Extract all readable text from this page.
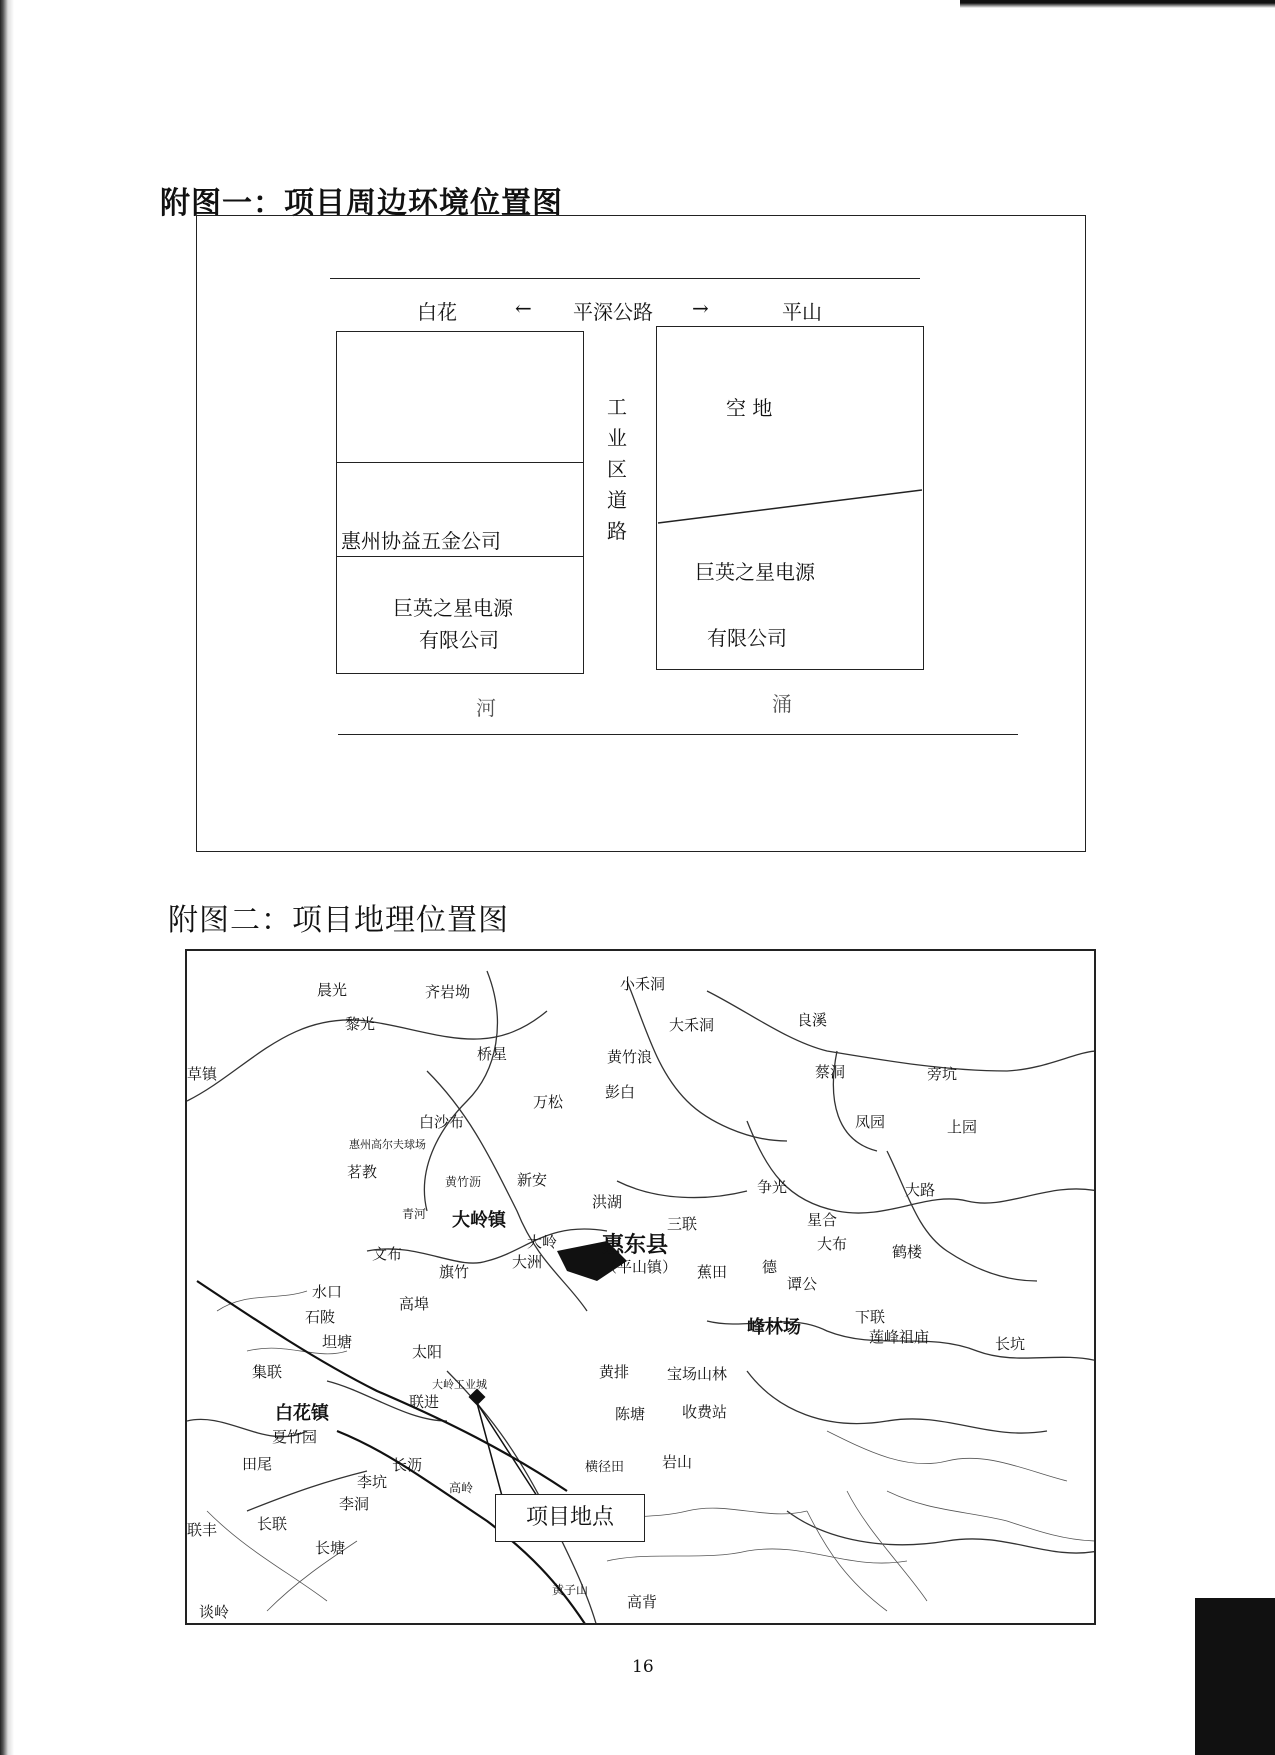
附图一：项目周边环境位置图
白花	← 平深公路 →	平山
惠州协益五金公司
巨英之星电源
有限公司
工业区道路
空 地
巨英之星电源
有限公司
河	涌
附图二：项目地理位置图
晨光	齐岩坳
黎光
小禾洞
大禾洞	良溪
草镇
桥星	黄竹浪
蔡洞	旁坑
万松
彭白
白沙布	凤园	上园
惠州高尔夫球场
茗教
黄竹沥 新安
洪湖
争光	大路
大岭镇	三联	星合
大布
青河
文布
大岭
鹤楼
大洲
旗竹	蕉田 德
谭公
水口
石陂
高埠
峰林场	下联
莲峰祖庙	长坑
坦塘
太阳
大岭工业城
黄排	宝场山林
集联
白花镇
联进
陈塘 收费站
夏竹园
田尾	长沥	横径田	岩山
李坑	高岭
李洞
联丰	长联
长塘
黄子山
高背
谈岭
惠东县
（平山镇）
项目地点
16
